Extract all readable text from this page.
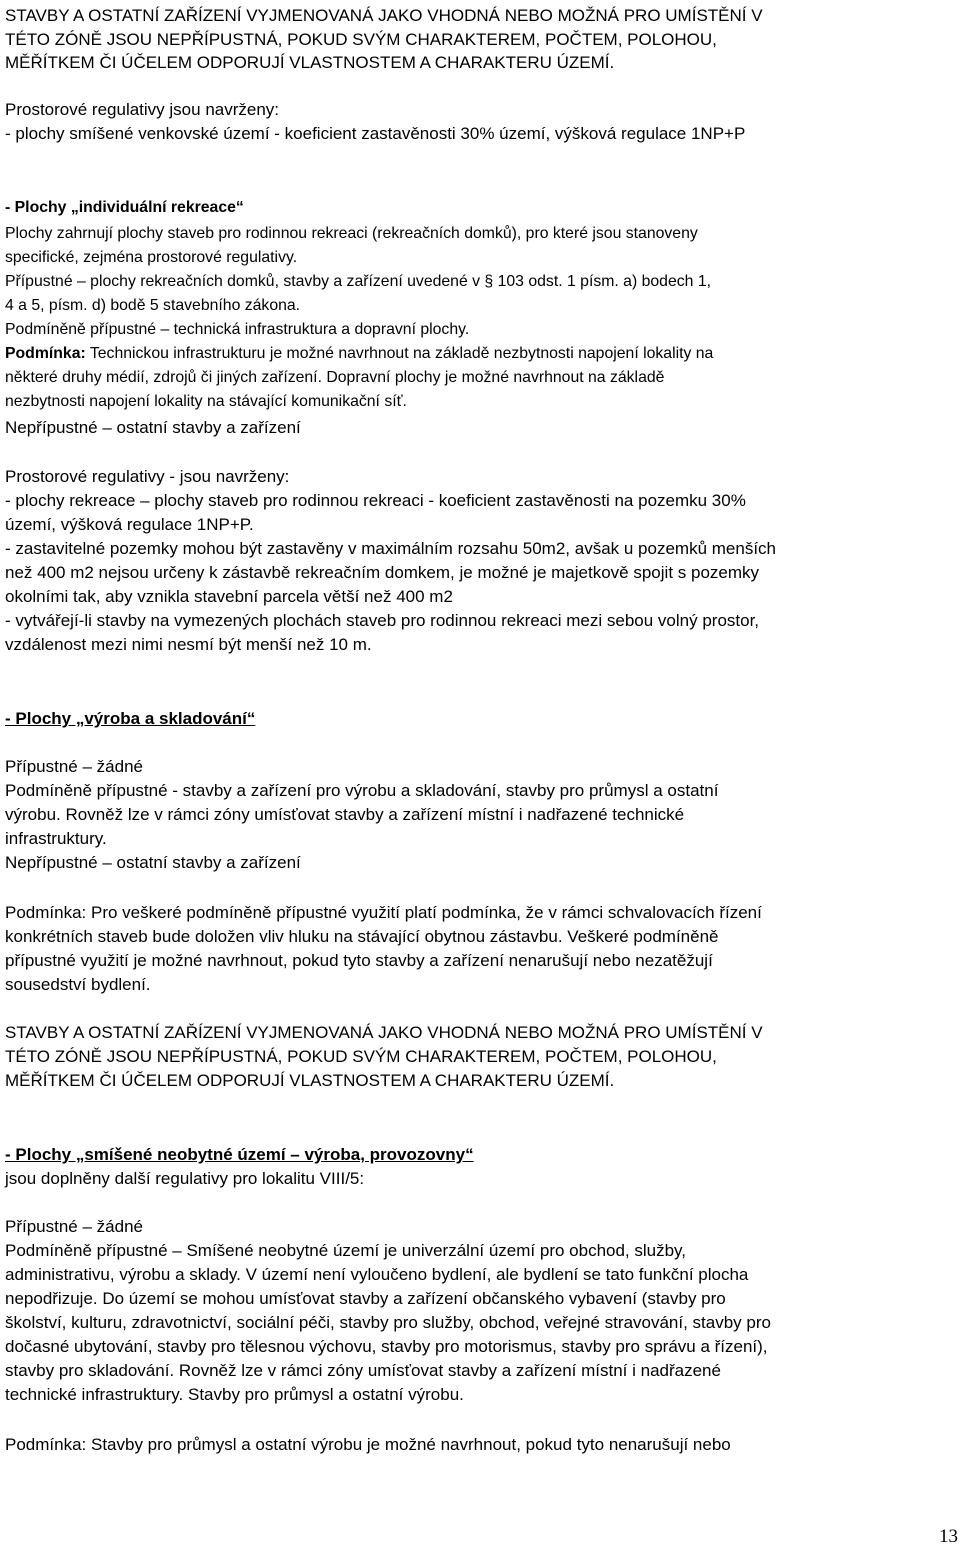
STAVBY A OSTATNÍ ZAŘÍZENÍ VYJMENOVANÁ JAKO VHODNÁ NEBO MOŽNÁ PRO UMÍSTĚNÍ V

TÉTO ZÓNĚ JSOU NEPŘÍPUSTNÁ, POKUD SVÝM CHARAKTEREM, POČTEM, POLOHOU,

MĚŘÍTKEM ČI ÚČELEM ODPORUJÍ VLASTNOSTEM A CHARAKTERU ÚZEMÍ.

Prostorové regulativy jsou navrženy:

- plochy smíšené venkovské území - koeficient zastavěnosti 30% území, výšková regulace 1NP+P

- Plochy „individuální rekreace“

Plochy zahrnují plochy staveb pro rodinnou rekreaci (rekreačních domků), pro které jsou stanoveny

specifické, zejména prostorové regulativy.

Přípustné – plochy rekreačních domků, stavby a zařízení uvedené v § 103 odst. 1 písm. a) bodech 1,

4 a 5, písm. d) bodě 5 stavebního zákona.

Podmíněně přípustné – technická infrastruktura a dopravní plochy.

Podmínka: Technickou infrastrukturu je možné navrhnout na základě nezbytnosti napojení lokality na

některé druhy médií, zdrojů či jiných zařízení. Dopravní plochy je možné navrhnout na základě

nezbytnosti napojení lokality na stávající komunikační síť.

Nepřípustné – ostatní stavby a zařízení

Prostorové regulativy - jsou navrženy:

- plochy rekreace – plochy staveb pro rodinnou rekreaci - koeficient zastavěnosti na pozemku 30%

území, výšková regulace 1NP+P.

- zastavitelné pozemky mohou být zastavěny v maximálním rozsahu 50m2, avšak u pozemků menších

než 400 m2 nejsou určeny k zástavbě rekreačním domkem, je možné je majetkově spojit s pozemky

okolními tak, aby vznikla stavební parcela větší než 400 m2

- vytvářejí-li stavby na vymezených plochách staveb pro rodinnou rekreaci mezi sebou volný prostor,

vzdálenost mezi nimi nesmí být menší než 10 m.

- Plochy „výroba a skladování“

Přípustné – žádné

Podmíněně přípustné - stavby a zařízení pro výrobu a skladování, stavby pro průmysl a ostatní

výrobu. Rovněž lze v rámci zóny umísťovat stavby a zařízení místní i nadřazené technické

infrastruktury.

Nepřípustné – ostatní stavby a zařízení

Podmínka: Pro veškeré podmíněně přípustné využití platí podmínka, že v rámci schvalovacích řízení

konkrétních staveb bude doložen vliv hluku na stávající obytnou zástavbu. Veškeré podmíněně

přípustné využití je možné navrhnout, pokud tyto stavby a zařízení nenarušují nebo nezatěžují

sousedství bydlení.

STAVBY A OSTATNÍ ZAŘÍZENÍ VYJMENOVANÁ JAKO VHODNÁ NEBO MOŽNÁ PRO UMÍSTĚNÍ V

TÉTO ZÓNĚ JSOU NEPŘÍPUSTNÁ, POKUD SVÝM CHARAKTEREM, POČTEM, POLOHOU,

MĚŘÍTKEM ČI ÚČELEM ODPORUJÍ VLASTNOSTEM A CHARAKTERU ÚZEMÍ.

- Plochy „smíšené neobytné území – výroba, provozovny“

jsou doplněny další regulativy pro lokalitu VIII/5:

Přípustné – žádné

Podmíněně přípustné – Smíšené neobytné území je univerzální území pro obchod, služby,

administrativu, výrobu a sklady. V území není vyloučeno bydlení, ale bydlení se tato funkční plocha

nepodřizuje. Do území se mohou umísťovat stavby a zařízení občanského vybavení (stavby pro

školství, kulturu, zdravotnictví, sociální péči, stavby pro služby, obchod, veřejné stravování, stavby pro

dočasné ubytování, stavby pro tělesnou výchovu, stavby pro motorismus, stavby pro správu a řízení),

stavby pro skladování. Rovněž lze v rámci zóny umísťovat stavby a zařízení místní i nadřazené

technické infrastruktury. Stavby pro průmysl a ostatní výrobu.

Podmínka: Stavby pro průmysl a ostatní výrobu je možné navrhnout, pokud tyto nenarušují nebo

13
